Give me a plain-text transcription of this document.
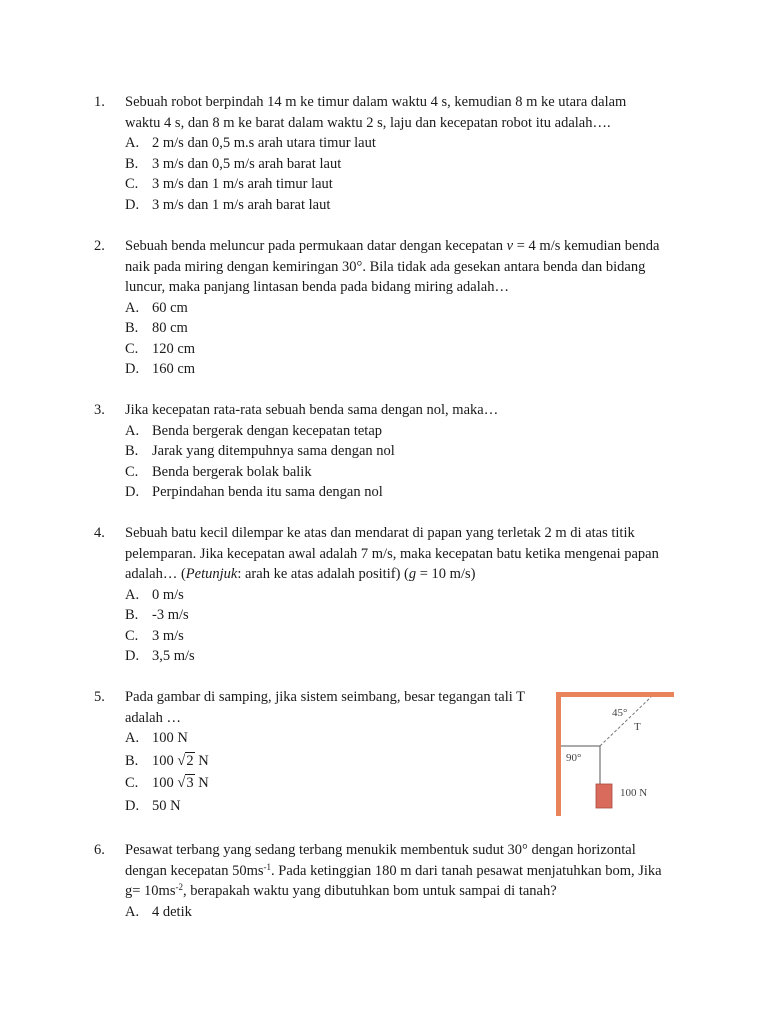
1.	Sebuah robot berpindah 14 m ke timur dalam waktu 4 s, kemudian 8 m ke utara dalam waktu 4 s, dan 8 m ke barat dalam waktu 2 s, laju dan kecepatan robot itu adalah….
A. 2 m/s dan 0,5 m.s arah utara timur laut
B. 3 m/s dan 0,5 m/s arah barat laut
C. 3 m/s dan 1 m/s arah timur laut
D. 3 m/s dan 1 m/s arah barat laut
2.	Sebuah benda meluncur pada permukaan datar dengan kecepatan v = 4 m/s kemudian benda naik pada miring dengan kemiringan 30°. Bila tidak ada gesekan antara benda dan bidang luncur, maka panjang lintasan benda pada bidang miring adalah…
A. 60 cm
B. 80 cm
C. 120 cm
D. 160 cm
3.	Jika kecepatan rata-rata sebuah benda sama dengan nol, maka…
A. Benda bergerak dengan kecepatan tetap
B. Jarak yang ditempuhnya sama dengan nol
C. Benda bergerak bolak balik
D. Perpindahan benda itu sama dengan nol
4.	Sebuah batu kecil dilempar ke atas dan mendarat di papan yang terletak 2 m di atas titik pelemparan. Jika kecepatan awal adalah 7 m/s, maka kecepatan batu ketika mengenai papan adalah… (Petunjuk: arah ke atas adalah positif) (g = 10 m/s)
A. 0 m/s
B. -3 m/s
C. 3 m/s
D. 3,5 m/s
5.	Pada gambar di samping, jika sistem seimbang, besar tegangan tali T adalah …
A. 100 N
B. 100 √2 N
C. 100 √3 N
D. 50 N
45°
T
90°
100 N
6.	Pesawat terbang yang sedang terbang menukik membentuk sudut 30° dengan horizontal dengan kecepatan $50ms^{-1}$. Pada ketinggian 180 m dari tanah pesawat menjatuhkan bom, Jika $g= 10ms^{-2}$, berapakah waktu yang dibutuhkan bom untuk sampai di tanah?
A. 4 detik
